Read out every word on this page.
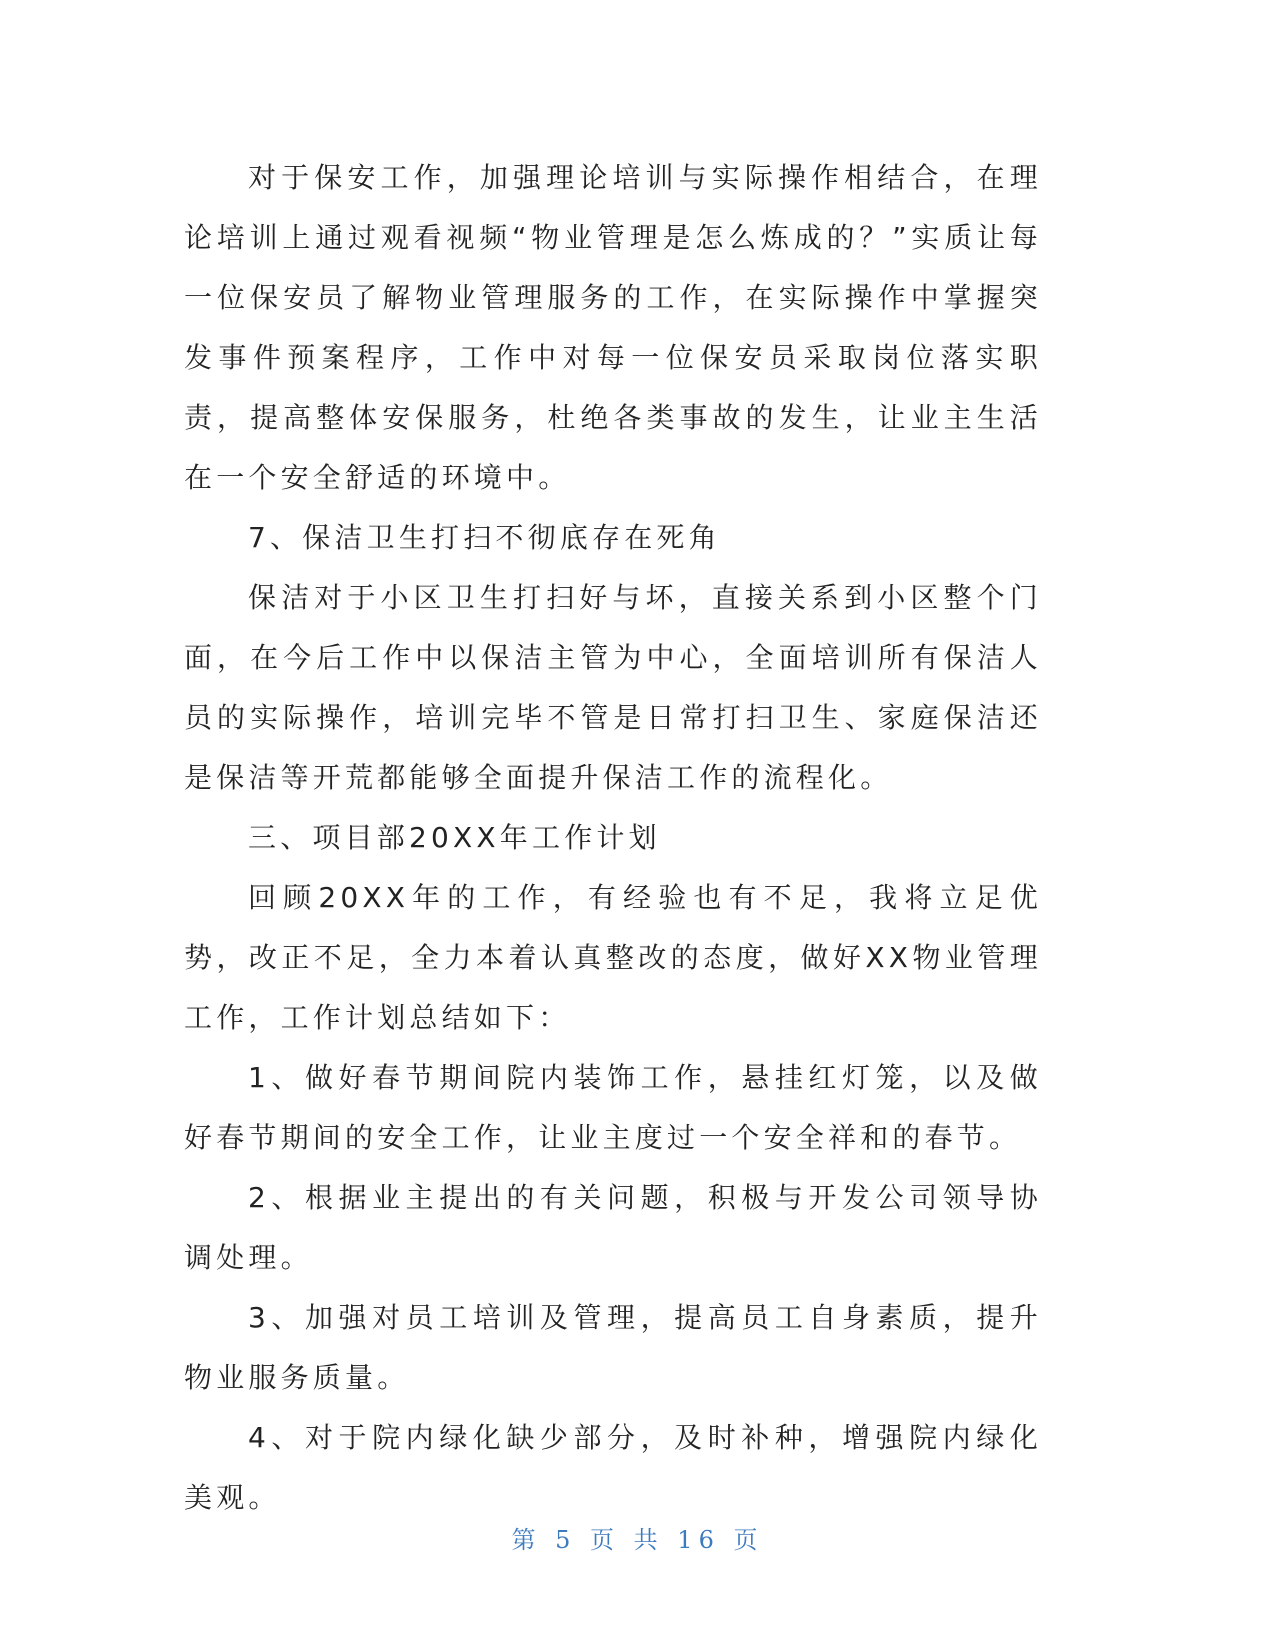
对于保安工作，加强理论培训与实际操作相结合，在理论培训上通过观看视频“物业管理是怎么炼成的？”实质让每一位保安员了解物业管理服务的工作，在实际操作中掌握突发事件预案程序，工作中对每一位保安员采取岗位落实职责，提高整体安保服务，杜绝各类事故的发生，让业主生活在一个安全舒适的环境中。

7、保洁卫生打扫不彻底存在死角

保洁对于小区卫生打扫好与坏，直接关系到小区整个门面，在今后工作中以保洁主管为中心，全面培训所有保洁人员的实际操作，培训完毕不管是日常打扫卫生、家庭保洁还是保洁等开荒都能够全面提升保洁工作的流程化。

三、项目部20XX年工作计划

回顾20XX年的工作，有经验也有不足，我将立足优势，改正不足，全力本着认真整改的态度，做好XX物业管理工作，工作计划总结如下：

1、做好春节期间院内装饰工作，悬挂红灯笼，以及做好春节期间的安全工作，让业主度过一个安全祥和的春节。

2、根据业主提出的有关问题，积极与开发公司领导协调处理。

3、加强对员工培训及管理，提高员工自身素质，提升物业服务质量。

4、对于院内绿化缺少部分，及时补种，增强院内绿化美观。

第 5 页 共 16 页
